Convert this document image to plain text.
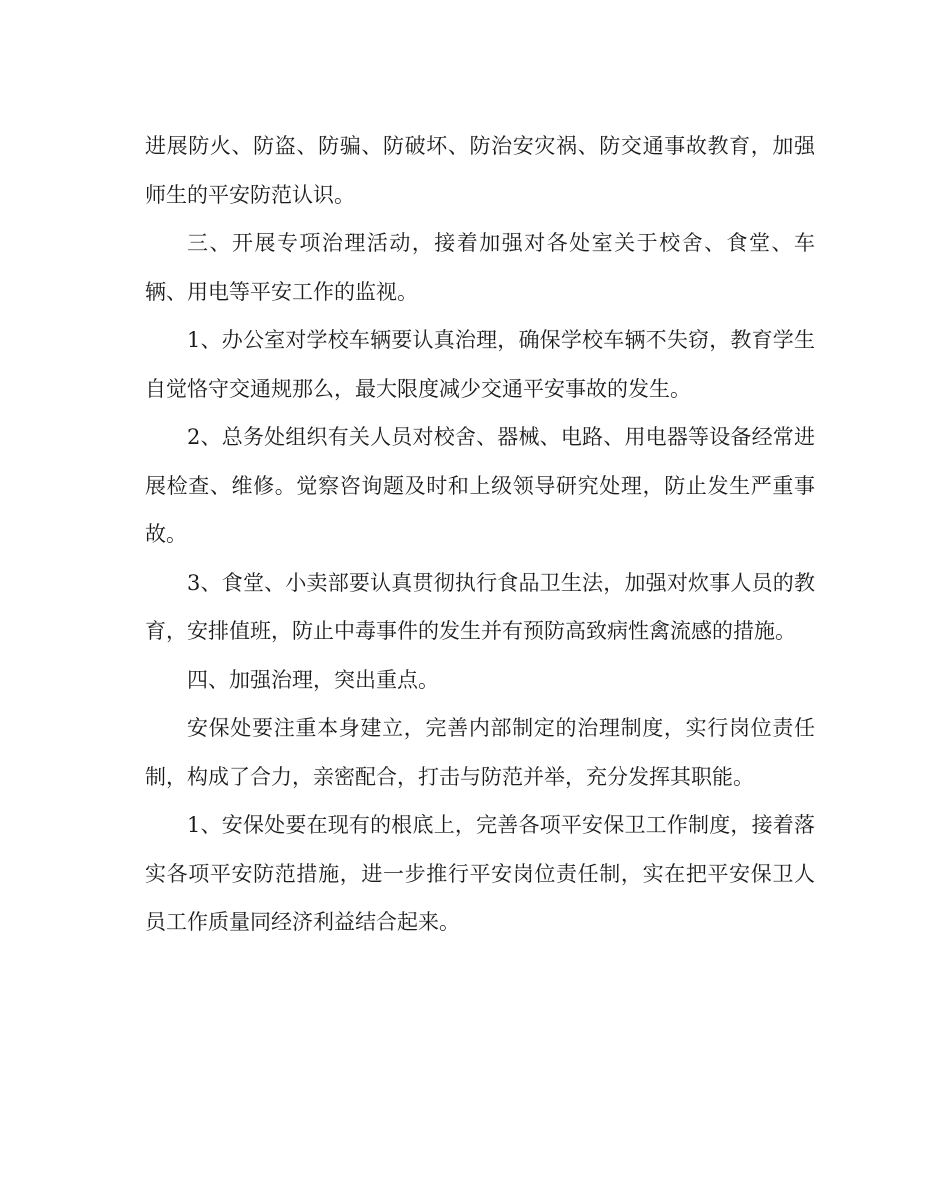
进展防火、防盗、防骗、防破坏、防治安灾祸、防交通事故教育，加强师生的平安防范认识。

三、开展专项治理活动，接着加强对各处室关于校舍、食堂、车辆、用电等平安工作的监视。

1、办公室对学校车辆要认真治理，确保学校车辆不失窃，教育学生自觉恪守交通规那么，最大限度减少交通平安事故的发生。

2、总务处组织有关人员对校舍、器械、电路、用电器等设备经常进展检查、维修。觉察咨询题及时和上级领导研究处理，防止发生严重事故。

3、食堂、小卖部要认真贯彻执行食品卫生法，加强对炊事人员的教育，安排值班，防止中毒事件的发生并有预防高致病性禽流感的措施。

四、加强治理，突出重点。

安保处要注重本身建立，完善内部制定的治理制度，实行岗位责任制，构成了合力，亲密配合，打击与防范并举，充分发挥其职能。

1、安保处要在现有的根底上，完善各项平安保卫工作制度，接着落实各项平安防范措施，进一步推行平安岗位责任制，实在把平安保卫人员工作质量同经济利益结合起来。
